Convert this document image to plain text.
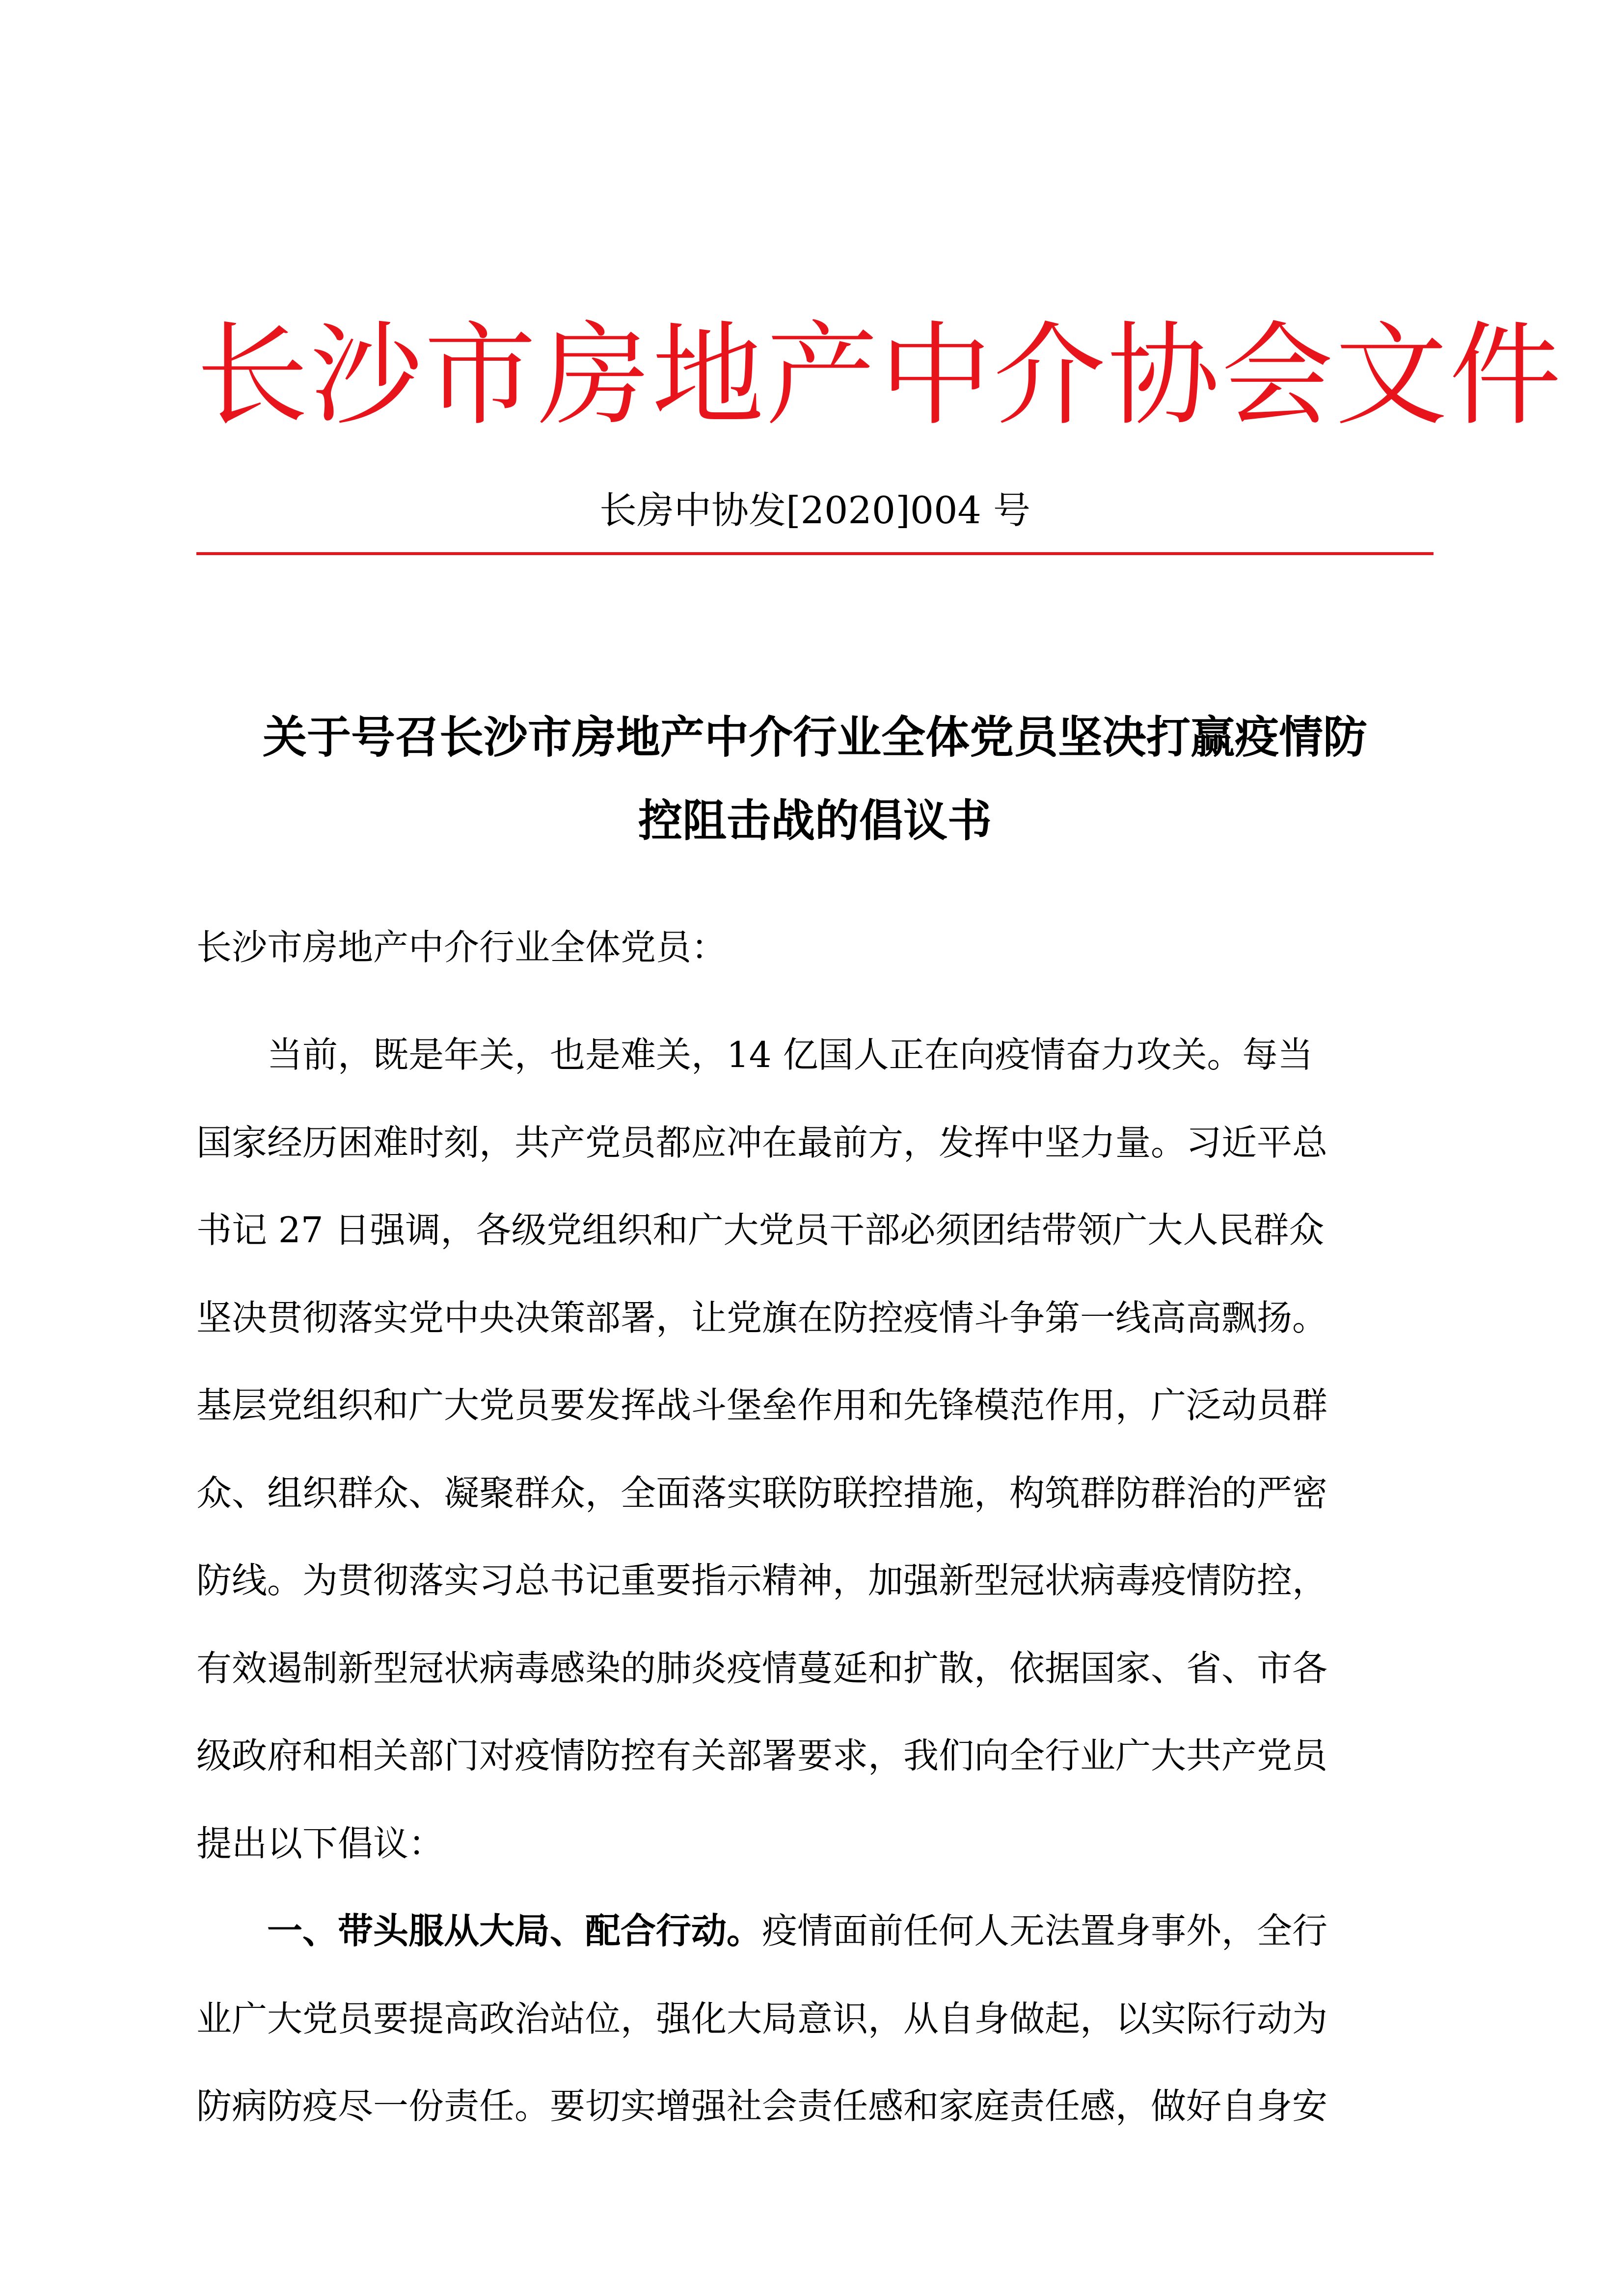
长沙市房地产中介协会文件
长房中协发[2020]004 号
关于号召长沙市房地产中介行业全体党员坚决打赢疫情防
控阻击战的倡议书
长沙市房地产中介行业全体党员：
当前，既是年关，也是难关，14 亿国人正在向疫情奋力攻关。每当
国家经历困难时刻，共产党员都应冲在最前方，发挥中坚力量。习近平总
书记 27 日强调，各级党组织和广大党员干部必须团结带领广大人民群众
坚决贯彻落实党中央决策部署，让党旗在防控疫情斗争第一线高高飘扬。
基层党组织和广大党员要发挥战斗堡垒作用和先锋模范作用，广泛动员群
众、组织群众、凝聚群众，全面落实联防联控措施，构筑群防群治的严密
防线。为贯彻落实习总书记重要指示精神，加强新型冠状病毒疫情防控，
有效遏制新型冠状病毒感染的肺炎疫情蔓延和扩散，依据国家、省、市各
级政府和相关部门对疫情防控有关部署要求，我们向全行业广大共产党员
提出以下倡议：
一、带头服从大局、配合行动。疫情面前任何人无法置身事外，全行
业广大党员要提高政治站位，强化大局意识，从自身做起，以实际行动为
防病防疫尽一份责任。要切实增强社会责任感和家庭责任感，做好自身安
